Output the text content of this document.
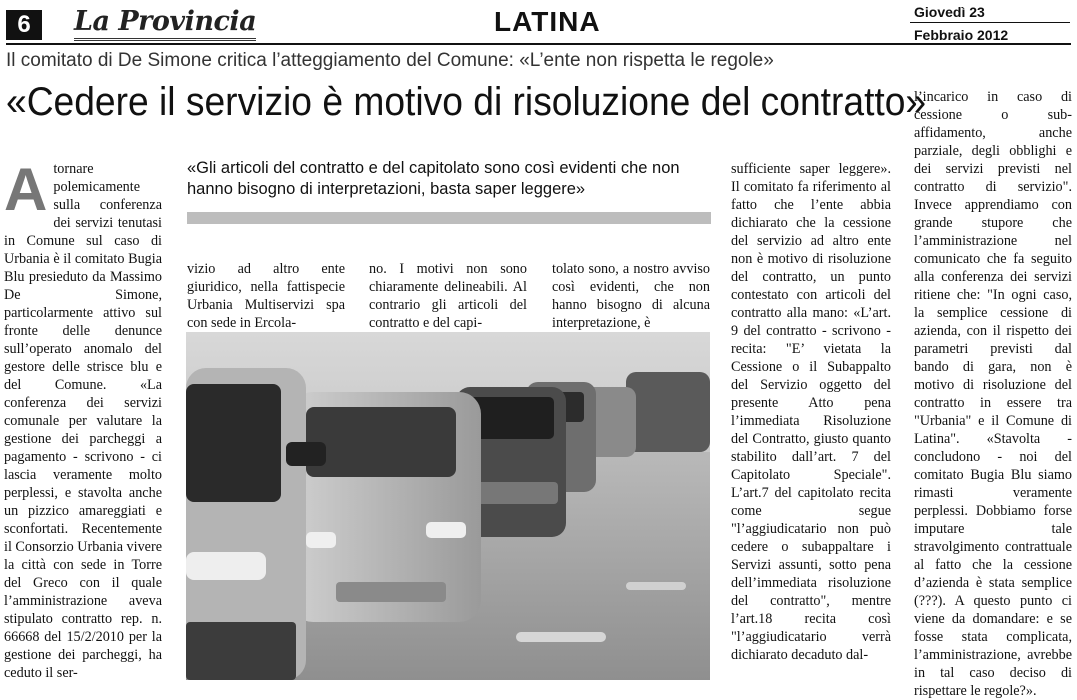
6	La Provincia	LATINA	Giovedì 23
Febbraio 2012
Il comitato di De Simone critica l’atteggiamento del Comune: «L’ente non rispetta le regole»
«Cedere il servizio è motivo di risoluzione del contratto»

Atornare polemicamente sulla conferenza dei servizi tenutasi in Comune sul caso di Urbania è il comitato Bugia Blu presieduto da Massimo De Simone, particolarmente attivo sul fronte delle denunce sull’operato anomalo del gestore delle strisce blu e del Comune. «La conferenza dei servizi comunale per valutare la gestione dei parcheggi a pagamento - scrivono - ci lascia veramente molto perplessi, e stavolta anche un pizzico amareggiati e sconfortati. Recentemente il Consorzio Urbania vivere la città con sede in Torre del Greco con il quale l’amministrazione aveva stipulato contratto rep. n. 66668 del 15/2/2010 per la gestione dei parcheggi, ha ceduto il ser-

«Gli articoli del contratto e del capitolato sono così evidenti che non hanno bisogno di interpretazioni, basta saper leggere»

vizio ad altro ente giuridico, nella fattispecie Urbania Multiservizi spa con sede in Ercola-

no. I motivi non sono chiaramente delineabili. Al contrario gli articoli del contratto e del capi-

tolato sono, a nostro avviso così evidenti, che non hanno bisogno di alcuna interpretazione, è

sufficiente saper leggere». Il comitato fa riferimento al fatto che l’ente abbia dichiarato che la cessione del servizio ad altro ente non è motivo di risoluzione del contratto, un punto contestato con articoli del contratto alla mano: «L’art. 9 del contratto - scrivono - recita: "E’ vietata la Cessione o il Subappalto del Servizio oggetto del presente Atto pena l’immediata Risoluzione del Contratto, giusto quanto stabilito dall’art. 7 del Capitolato Speciale". L’art.7 del capitolato recita come segue "l’aggiudicatario non può cedere o subappaltare i Servizi assunti, sotto pena dell’immediata risoluzione del contratto", mentre l’art.18 recita così "l’aggiudicatario verrà dichiarato decaduto dal-

l’incarico in caso di cessione o sub-affidamento, anche parziale, degli obblighi e dei servizi previsti nel contratto di servizio". Invece apprendiamo con grande stupore che l’amministrazione nel comunicato che fa seguito alla conferenza dei servizi ritiene che: "In ogni caso, la semplice cessione di azienda, con il rispetto dei parametri previsti dal bando di gara, non è motivo di risoluzione del contratto in essere tra "Urbania" e il Comune di Latina". «Stavolta - concludono - noi del comitato Bugia Blu siamo rimasti veramente perplessi. Dobbiamo forse imputare tale stravolgimento contrattuale al fatto che la cessione d’azienda è stata semplice (???). A questo punto ci viene da domandare: e se fosse stata complicata, l’amministrazione, avrebbe in tal caso deciso di rispettare le regole?».
